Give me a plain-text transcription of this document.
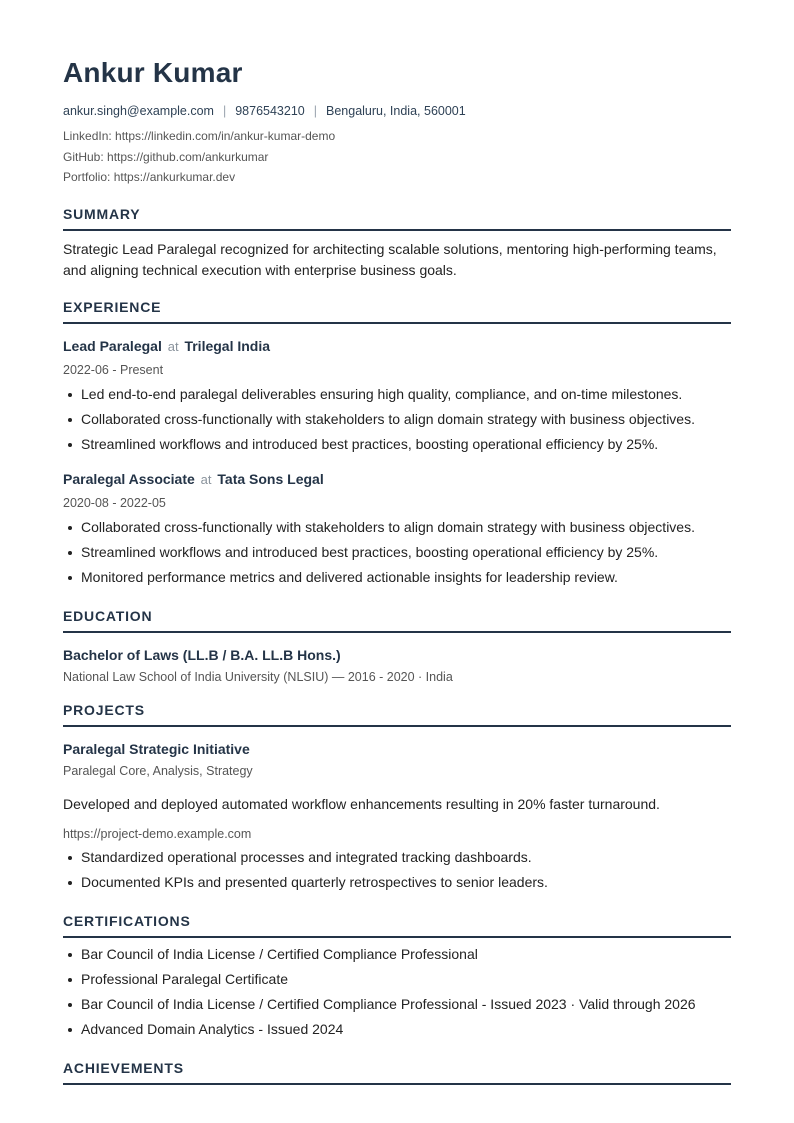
Ankur Kumar
ankur.singh@example.com | 9876543210 | Bengaluru, India, 560001
LinkedIn: https://linkedin.com/in/ankur-kumar-demo
GitHub: https://github.com/ankurkumar
Portfolio: https://ankurkumar.dev
SUMMARY
Strategic Lead Paralegal recognized for architecting scalable solutions, mentoring high-performing teams, and aligning technical execution with enterprise business goals.
EXPERIENCE
Lead Paralegal at Trilegal India
2022-06 - Present
Led end-to-end paralegal deliverables ensuring high quality, compliance, and on-time milestones.
Collaborated cross-functionally with stakeholders to align domain strategy with business objectives.
Streamlined workflows and introduced best practices, boosting operational efficiency by 25%.
Paralegal Associate at Tata Sons Legal
2020-08 - 2022-05
Collaborated cross-functionally with stakeholders to align domain strategy with business objectives.
Streamlined workflows and introduced best practices, boosting operational efficiency by 25%.
Monitored performance metrics and delivered actionable insights for leadership review.
EDUCATION
Bachelor of Laws (LL.B / B.A. LL.B Hons.)
National Law School of India University (NLSIU) — 2016 - 2020 · India
PROJECTS
Paralegal Strategic Initiative
Paralegal Core, Analysis, Strategy
Developed and deployed automated workflow enhancements resulting in 20% faster turnaround.
https://project-demo.example.com
Standardized operational processes and integrated tracking dashboards.
Documented KPIs and presented quarterly retrospectives to senior leaders.
CERTIFICATIONS
Bar Council of India License / Certified Compliance Professional
Professional Paralegal Certificate
Bar Council of India License / Certified Compliance Professional - Issued 2023 · Valid through 2026
Advanced Domain Analytics - Issued 2024
ACHIEVEMENTS
